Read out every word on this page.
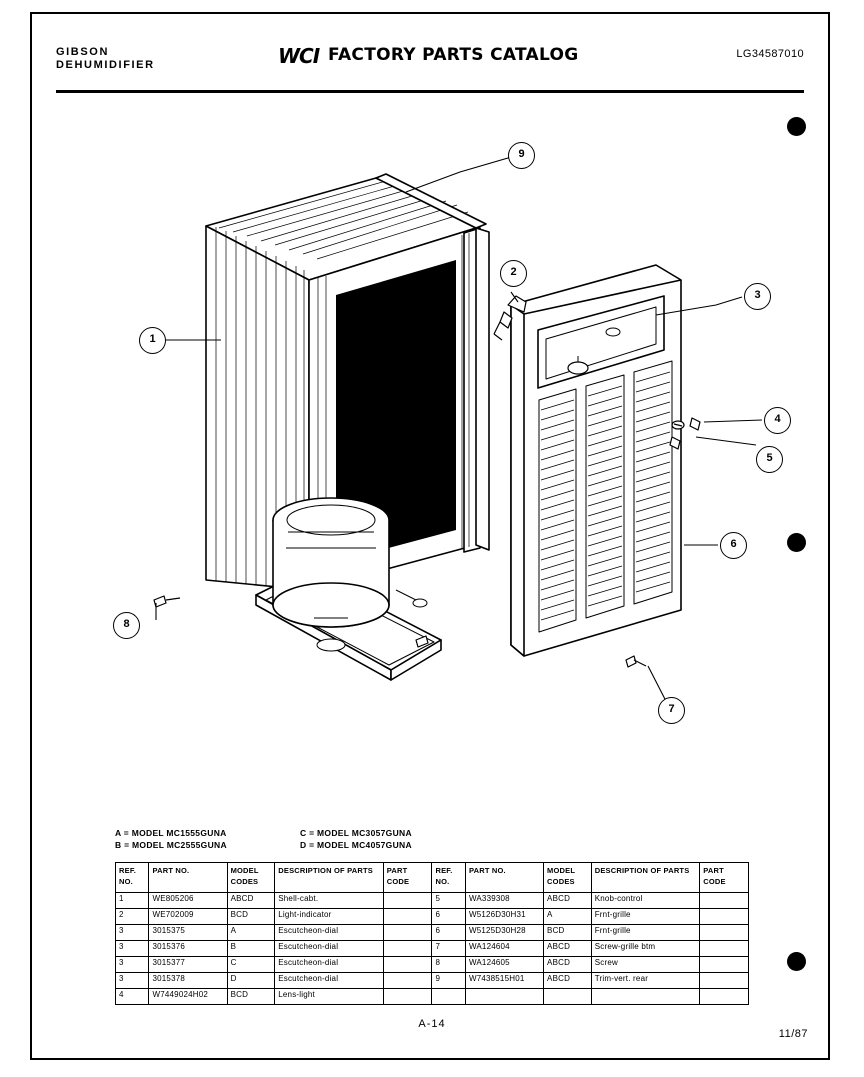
GIBSON
DEHUMIDIFIER	WCI FACTORY PARTS CATALOG	LG34587010
1
2
3
4
5
6
7
8
9
A = MODEL MC1555GUNA	C = MODEL MC3057GUNA
B = MODEL MC2555GUNA	D = MODEL MC4057GUNA
REF. NO.	PART NO.	MODEL CODES	DESCRIPTION OF PARTS	PART CODE	REF. NO.	PART NO.	MODEL CODES	DESCRIPTION OF PARTS	PART CODE
1	WE805206	ABCD	Shell-cabt.		5	WA339308	ABCD	Knob-control	
2	WE702009	BCD	Light-indicator		6	W5126D30H31	A	Frnt-grille	
3	3015375	A	Escutcheon-dial		6	W5125D30H28	BCD	Frnt-grille	
3	3015376	B	Escutcheon-dial		7	WA124604	ABCD	Screw-grille btm	
3	3015377	C	Escutcheon-dial		8	WA124605	ABCD	Screw	
3	3015378	D	Escutcheon-dial		9	W7438515H01	ABCD	Trim-vert. rear	
4	W7449024H02	BCD	Lens-light						
A-14
11/87
